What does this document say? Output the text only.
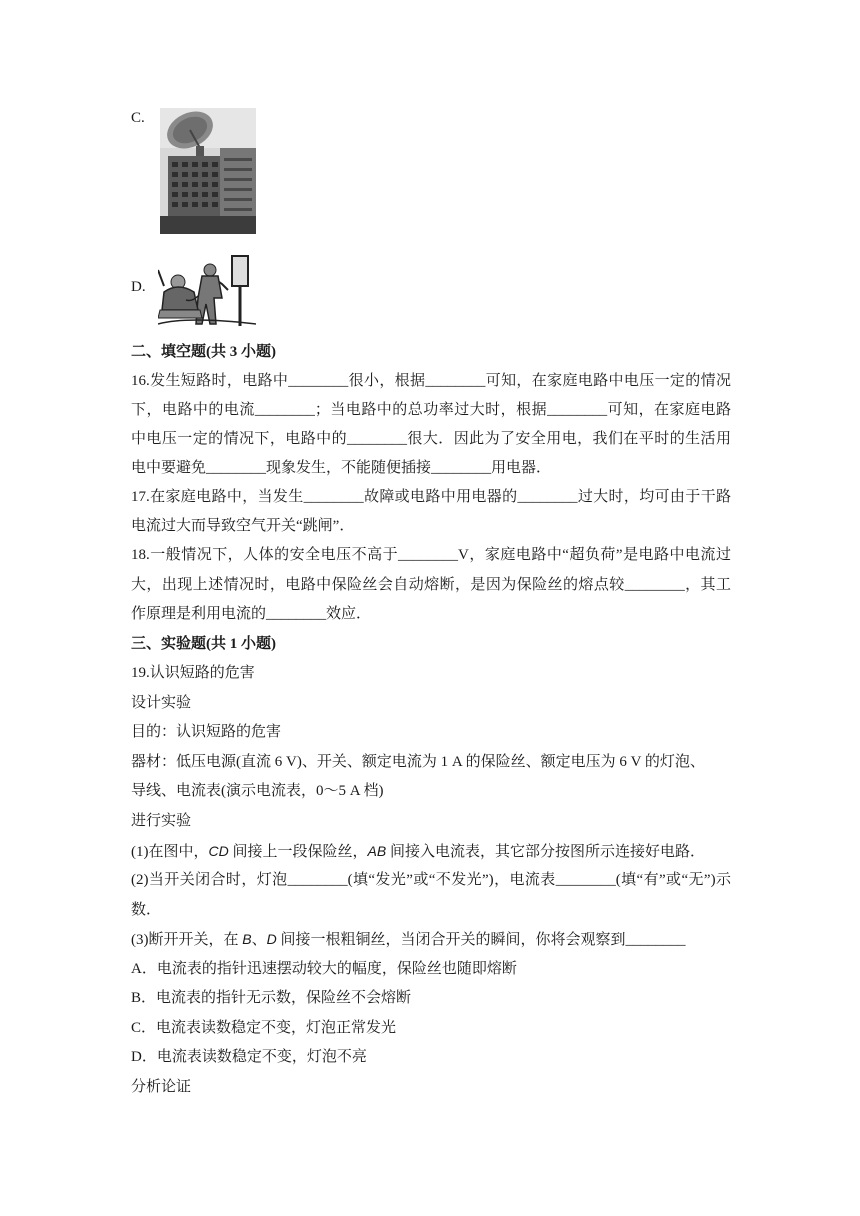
C.
D.
二、填空题(共 3 小题)
16.发生短路时，电路中________很小，根据________可知，在家庭电路中电压一定的情况
下，电路中的电流________；当电路中的总功率过大时，根据________可知，在家庭电路
中电压一定的情况下，电路中的________很大．因此为了安全用电，我们在平时的生活用
电中要避免________现象发生，不能随便插接________用电器．
17.在家庭电路中，当发生________故障或电路中用电器的________过大时，均可由于干路
电流过大而导致空气开关“跳闸”．
18.一般情况下，人体的安全电压不高于________V，家庭电路中“超负荷”是电路中电流过
大，出现上述情况时，电路中保险丝会自动熔断，是因为保险丝的熔点较________，其工
作原理是利用电流的________效应．
三、实验题(共 1 小题)
19.认识短路的危害
设计实验
目的：认识短路的危害
器材：低压电源(直流 6 V)、开关、额定电流为 1 A 的保险丝、额定电压为 6 V 的灯泡、
导线、电流表(演示电流表，0～5 A 档)
进行实验
(1)在图中，CD 间接上一段保险丝，AB 间接入电流表，其它部分按图所示连接好电路．
(2)当开关闭合时，灯泡________(填“发光”或“不发光”)，电流表________(填“有”或“无”)示
数．
(3)断开开关，在 B、D 间接一根粗铜丝，当闭合开关的瞬间，你将会观察到________
A．电流表的指针迅速摆动较大的幅度，保险丝也随即熔断
B．电流表的指针无示数，保险丝不会熔断
C．电流表读数稳定不变，灯泡正常发光
D．电流表读数稳定不变，灯泡不亮
分析论证
